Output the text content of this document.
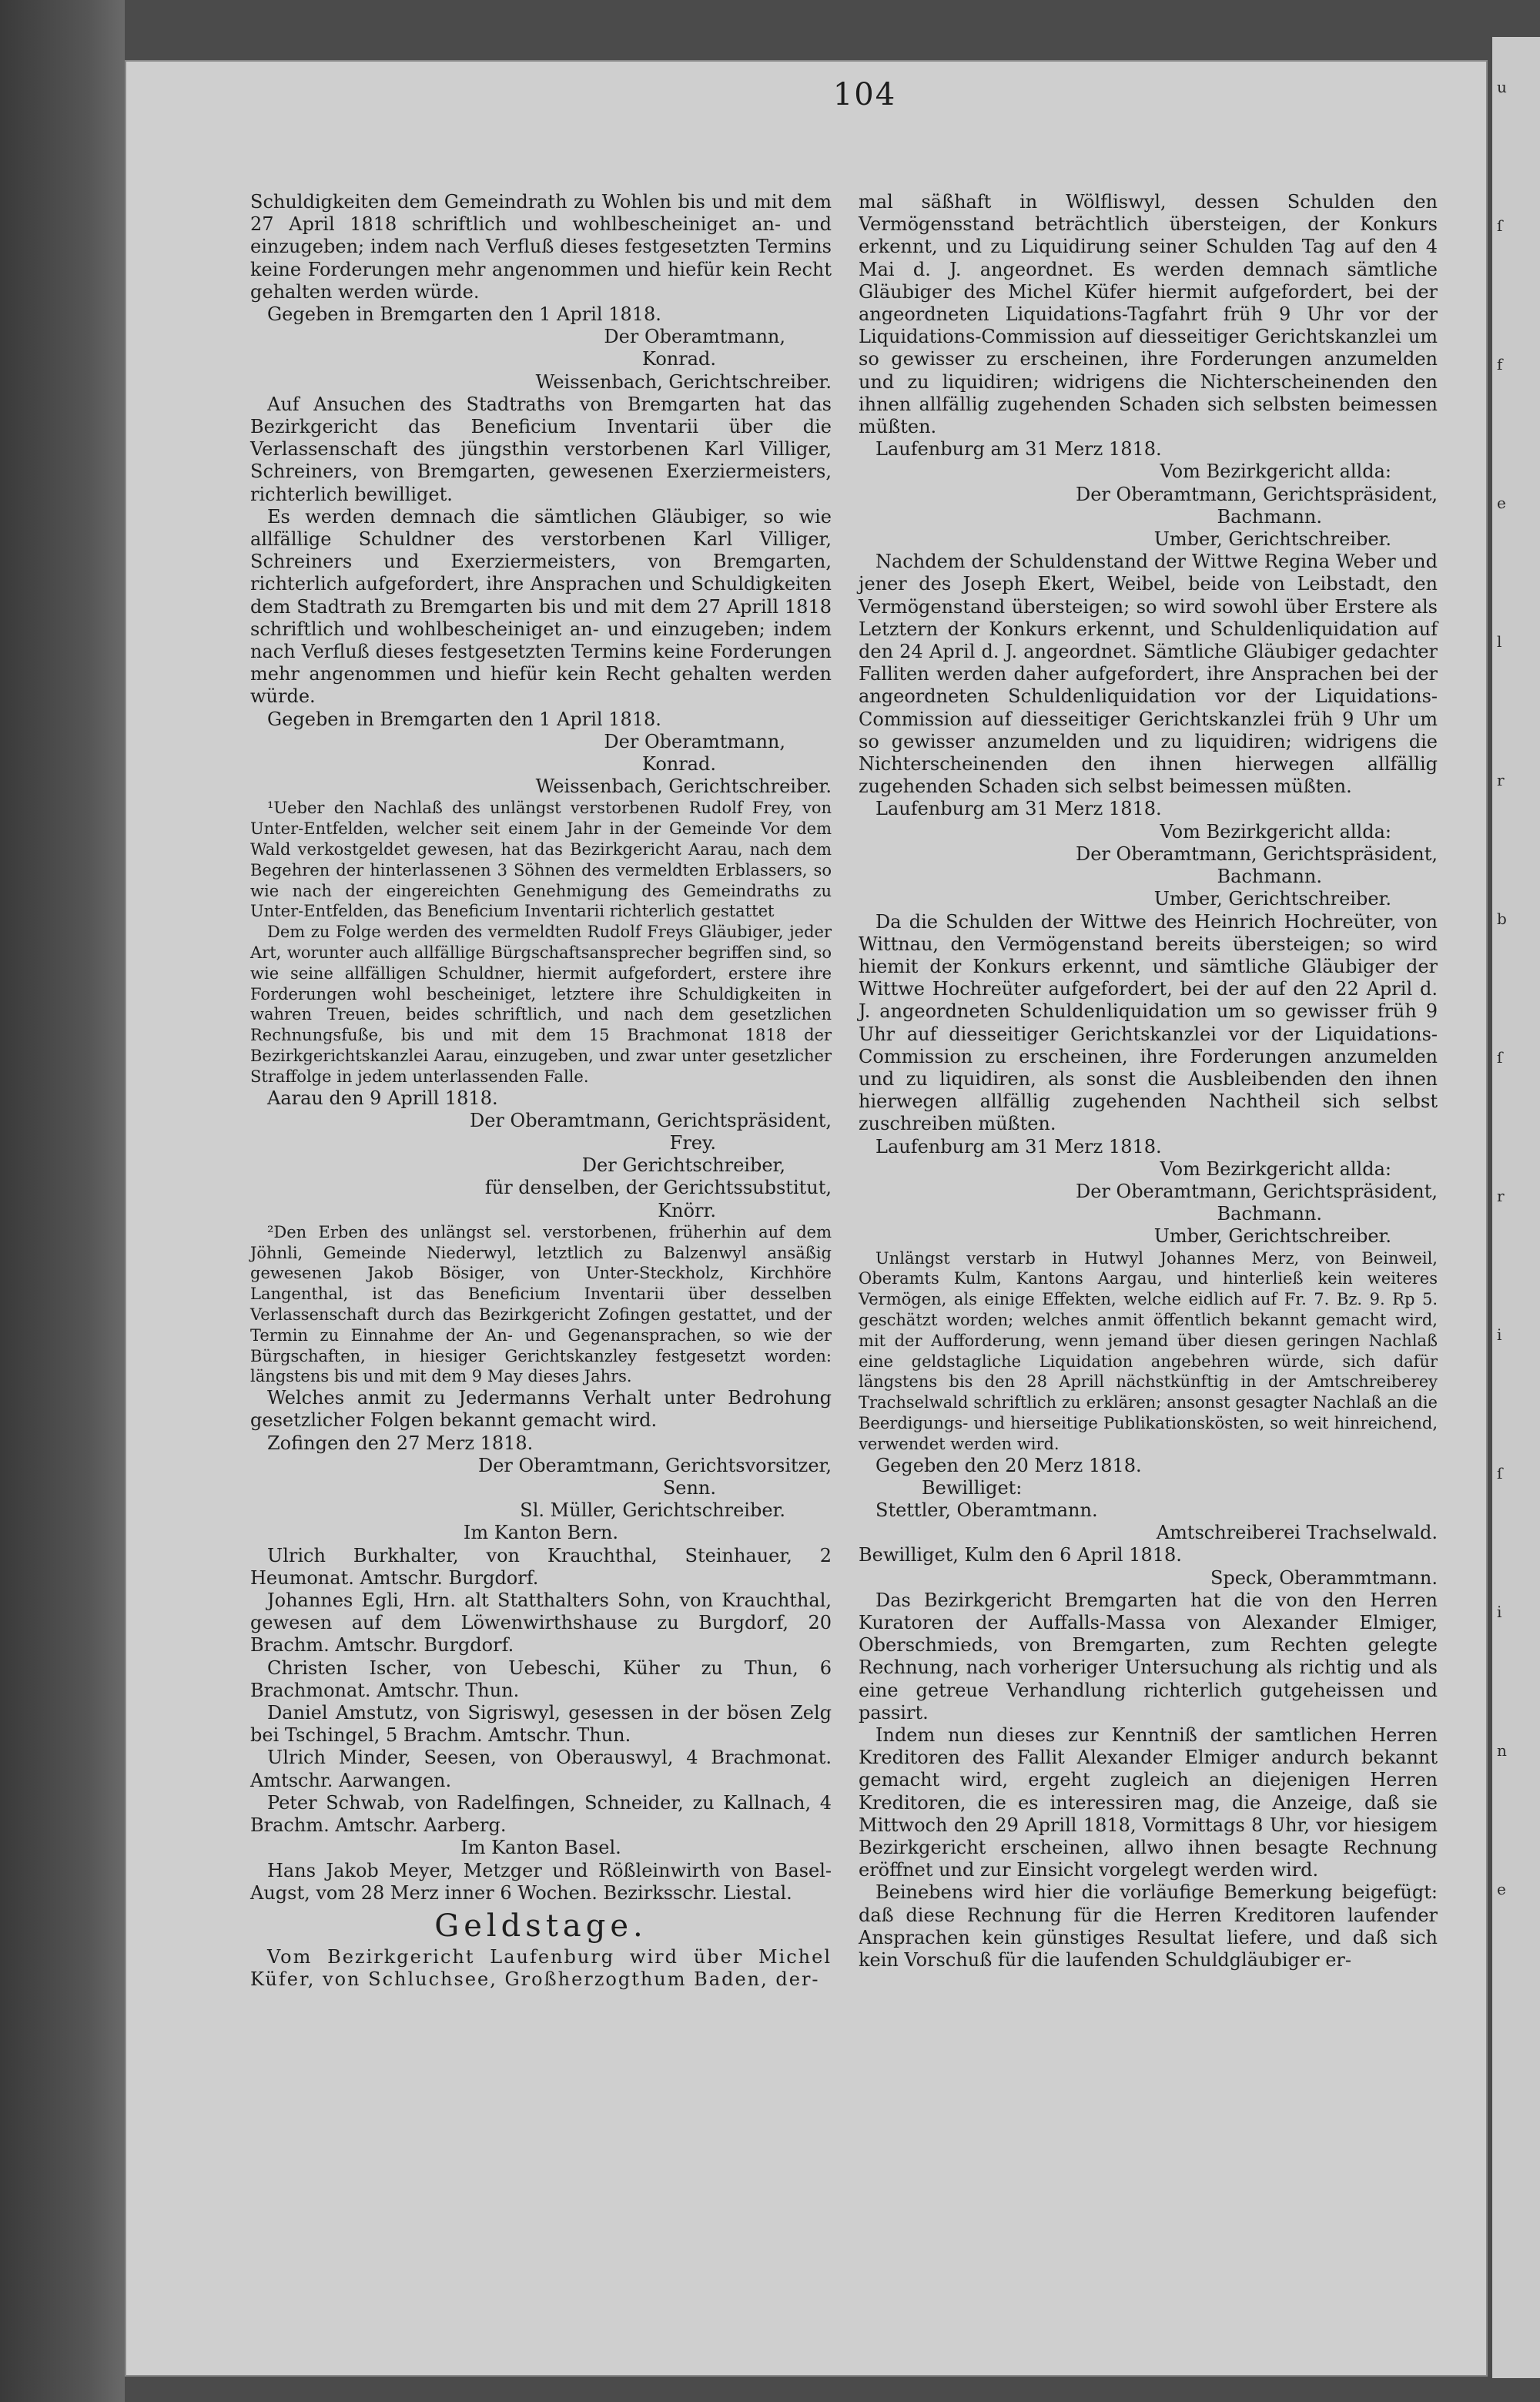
u
ſ
f
e
l
r
b
ſ
r
i
ſ
i
n
e
104

Schuldigkeiten dem Gemeindrath zu Wohlen bis und mit dem 27 April 1818 schriftlich und wohlbescheiniget an- und einzugeben; indem nach Verfluß dieses festgesetzten Termins keine Forderungen mehr angenommen und hiefür kein Recht gehalten werden würde.

Gegeben in Bremgarten den 1 April 1818.

Der Oberamtmann,

Konrad.

Weissenbach, Gerichtschreiber.

Auf Ansuchen des Stadtraths von Bremgarten hat das Bezirkgericht das Beneficium Inventarii über die Verlassenschaft des jüngsthin verstorbenen Karl Villiger, Schreiners, von Bremgarten, gewesenen Exerziermeisters, richterlich bewilliget.

Es werden demnach die sämtlichen Gläubiger, so wie allfällige Schuldner des verstorbenen Karl Villiger, Schreiners und Exerziermeisters, von Bremgarten, richterlich aufgefordert, ihre Ansprachen und Schuldigkeiten dem Stadtrath zu Bremgarten bis und mit dem 27 Aprill 1818 schriftlich und wohlbescheiniget an- und einzugeben; indem nach Verfluß dieses festgesetzten Termins keine Forderungen mehr angenommen und hiefür kein Recht gehalten werden würde.

Gegeben in Bremgarten den 1 April 1818.

Der Oberamtmann,

Konrad.

Weissenbach, Gerichtschreiber.

¹Ueber den Nachlaß des unlängst verstorbenen Rudolf Frey, von Unter-Entfelden, welcher seit einem Jahr in der Gemeinde Vor dem Wald verkostgeldet gewesen, hat das Bezirkgericht Aarau, nach dem Begehren der hinterlassenen 3 Söhnen des vermeldten Erblassers, so wie nach der eingereichten Genehmigung des Gemeindraths zu Unter-Entfelden, das Beneficium Inventarii richterlich gestattet

Dem zu Folge werden des vermeldten Rudolf Freys Gläubiger, jeder Art, worunter auch allfällige Bürgschaftsansprecher begriffen sind, so wie seine allfälligen Schuldner, hiermit aufgefordert, erstere ihre Forderungen wohl bescheiniget, letztere ihre Schuldigkeiten in wahren Treuen, beides schriftlich, und nach dem gesetzlichen Rechnungsfuße, bis und mit dem 15 Brachmonat 1818 der Bezirkgerichtskanzlei Aarau, einzugeben, und zwar unter gesetzlicher Straffolge in jedem unterlassenden Falle.

Aarau den 9 Aprill 1818.

Der Oberamtmann, Gerichtspräsident,

Frey.

Der Gerichtschreiber,

für denselben, der Gerichtssubstitut,

Knörr.

²Den Erben des unlängst sel. verstorbenen, früherhin auf dem Jöhnli, Gemeinde Niederwyl, letztlich zu Balzenwyl ansäßig gewesenen Jakob Bösiger, von Unter-Steckholz, Kirchhöre Langenthal, ist das Beneficium Inventarii über desselben Verlassenschaft durch das Bezirkgericht Zofingen gestattet, und der Termin zu Einnahme der An- und Gegenansprachen, so wie der Bürgschaften, in hiesiger Gerichtskanzley festgesetzt worden: längstens bis und mit dem 9 May dieses Jahrs.

Welches anmit zu Jedermanns Verhalt unter Bedrohung gesetzlicher Folgen bekannt gemacht wird.

Zofingen den 27 Merz 1818.

Der Oberamtmann, Gerichtsvorsitzer,

Senn.

Sl. Müller, Gerichtschreiber.

Im Kanton Bern.

Ulrich Burkhalter, von Krauchthal, Steinhauer, 2 Heumonat. Amtschr. Burgdorf.

Johannes Egli, Hrn. alt Statthalters Sohn, von Krauchthal, gewesen auf dem Löwenwirthshause zu Burgdorf, 20 Brachm. Amtschr. Burgdorf.

Christen Ischer, von Uebeschi, Küher zu Thun, 6 Brachmonat. Amtschr. Thun.

Daniel Amstutz, von Sigriswyl, gesessen in der bösen Zelg bei Tschingel, 5 Brachm. Amtschr. Thun.

Ulrich Minder, Seesen, von Oberauswyl, 4 Brachmonat. Amtschr. Aarwangen.

Peter Schwab, von Radelfingen, Schneider, zu Kallnach, 4 Brachm. Amtschr. Aarberg.

Im Kanton Basel.

Hans Jakob Meyer, Metzger und Rößleinwirth von Basel-Augst, vom 28 Merz inner 6 Wochen. Bezirksschr. Liestal.

Geldstage.

Vom Bezirkgericht Laufenburg wird über Michel Küfer, von Schluchsee, Großherzogthum Baden, der-

mal säßhaft in Wölfliswyl, dessen Schulden den Vermögensstand beträchtlich übersteigen, der Konkurs erkennt, und zu Liquidirung seiner Schulden Tag auf den 4 Mai d. J. angeordnet. Es werden demnach sämtliche Gläubiger des Michel Küfer hiermit aufgefordert, bei der angeordneten Liquidations-Tagfahrt früh 9 Uhr vor der Liquidations-Commission auf diesseitiger Gerichtskanzlei um so gewisser zu erscheinen, ihre Forderungen anzumelden und zu liquidiren; widrigens die Nichterscheinenden den ihnen allfällig zugehenden Schaden sich selbsten beimessen müßten.

Laufenburg am 31 Merz 1818.

Vom Bezirkgericht allda:

Der Oberamtmann, Gerichtspräsident,

Bachmann.

Umber, Gerichtschreiber.

Nachdem der Schuldenstand der Wittwe Regina Weber und jener des Joseph Ekert, Weibel, beide von Leibstadt, den Vermögenstand übersteigen; so wird sowohl über Erstere als Letztern der Konkurs erkennt, und Schuldenliquidation auf den 24 April d. J. angeordnet. Sämtliche Gläubiger gedachter Falliten werden daher aufgefordert, ihre Ansprachen bei der angeordneten Schuldenliquidation vor der Liquidations-Commission auf diesseitiger Gerichtskanzlei früh 9 Uhr um so gewisser anzumelden und zu liquidiren; widrigens die Nichterscheinenden den ihnen hierwegen allfällig zugehenden Schaden sich selbst beimessen müßten.

Laufenburg am 31 Merz 1818.

Vom Bezirkgericht allda:

Der Oberamtmann, Gerichtspräsident,

Bachmann.

Umber, Gerichtschreiber.

Da die Schulden der Wittwe des Heinrich Hochreüter, von Wittnau, den Vermögenstand bereits übersteigen; so wird hiemit der Konkurs erkennt, und sämtliche Gläubiger der Wittwe Hochreüter aufgefordert, bei der auf den 22 April d. J. angeordneten Schuldenliquidation um so gewisser früh 9 Uhr auf diesseitiger Gerichtskanzlei vor der Liquidations-Commission zu erscheinen, ihre Forderungen anzumelden und zu liquidiren, als sonst die Ausbleibenden den ihnen hierwegen allfällig zugehenden Nachtheil sich selbst zuschreiben müßten.

Laufenburg am 31 Merz 1818.

Vom Bezirkgericht allda:

Der Oberamtmann, Gerichtspräsident,

Bachmann.

Umber, Gerichtschreiber.

Unlängst verstarb in Hutwyl Johannes Merz, von Beinweil, Oberamts Kulm, Kantons Aargau, und hinterließ kein weiteres Vermögen, als einige Effekten, welche eidlich auf Fr. 7. Bz. 9. Rp 5. geschätzt worden; welches anmit öffentlich bekannt gemacht wird, mit der Aufforderung, wenn jemand über diesen geringen Nachlaß eine geldstagliche Liquidation angebehren würde, sich dafür längstens bis den 28 Aprill nächstkünftig in der Amtschreiberey Trachselwald schriftlich zu erklären; ansonst gesagter Nachlaß an die Beerdigungs- und hierseitige Publikationskösten, so weit hinreichend, verwendet werden wird.

Gegeben den 20 Merz 1818.

Bewilliget:

Stettler, Oberamtmann.

Amtschreiberei Trachselwald.

Bewilliget, Kulm den 6 April 1818.

Speck, Oberammtmann.

Das Bezirkgericht Bremgarten hat die von den Herren Kuratoren der Auffalls-Massa von Alexander Elmiger, Oberschmieds, von Bremgarten, zum Rechten gelegte Rechnung, nach vorheriger Untersuchung als richtig und als eine getreue Verhandlung richterlich gutgeheissen und passirt.

Indem nun dieses zur Kenntniß der samtlichen Herren Kreditoren des Fallit Alexander Elmiger andurch bekannt gemacht wird, ergeht zugleich an diejenigen Herren Kreditoren, die es interessiren mag, die Anzeige, daß sie Mittwoch den 29 Aprill 1818, Vormittags 8 Uhr, vor hiesigem Bezirkgericht erscheinen, allwo ihnen besagte Rechnung eröffnet und zur Einsicht vorgelegt werden wird.

Beinebens wird hier die vorläufige Bemerkung beigefügt: daß diese Rechnung für die Herren Kreditoren laufender Ansprachen kein günstiges Resultat liefere, und daß sich kein Vorschuß für die laufenden Schuldgläubiger er-
